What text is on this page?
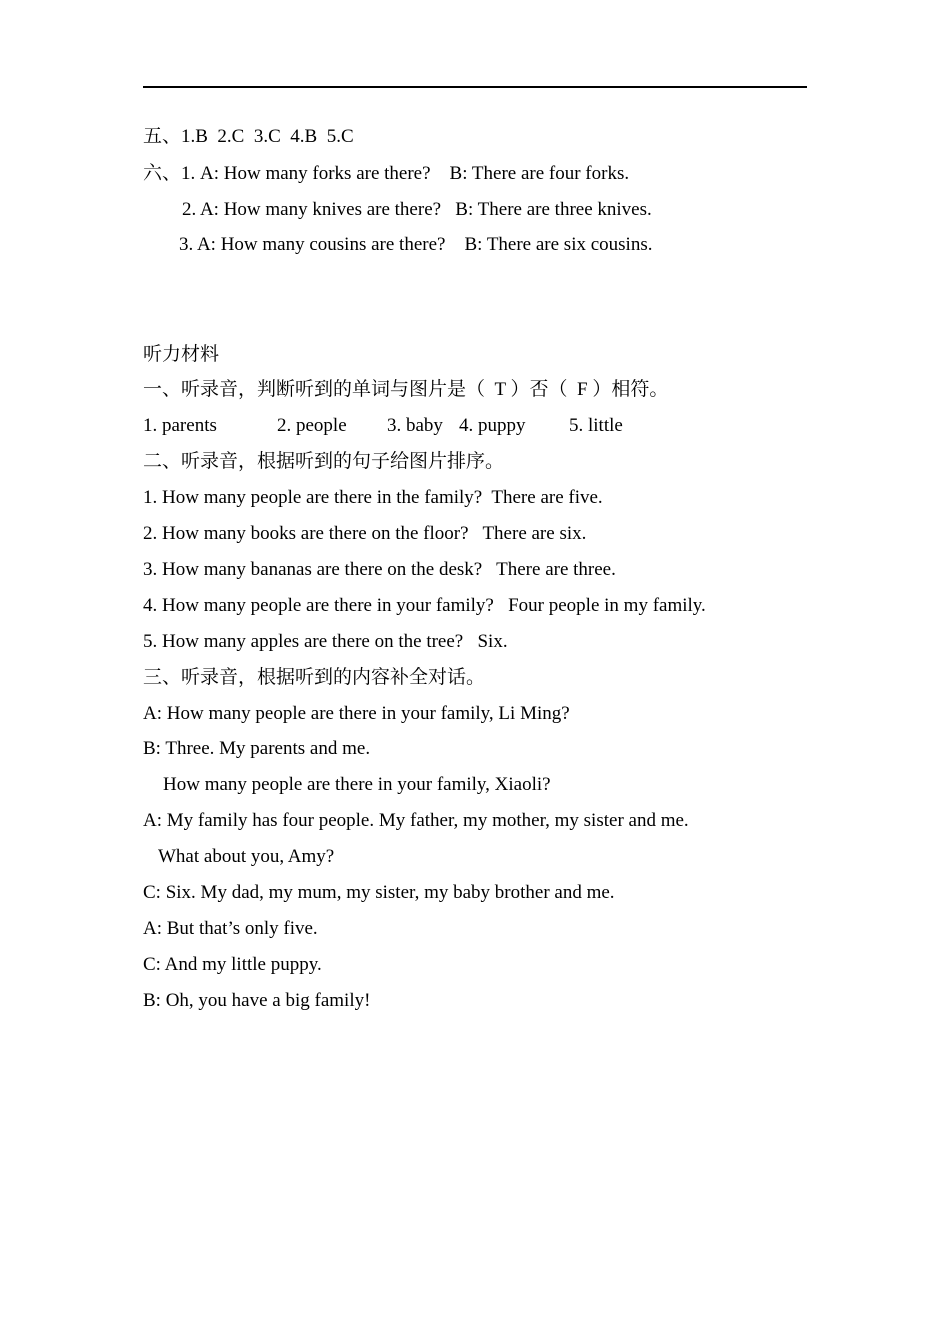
五、1.B  2.C  3.C  4.B  5.C
六、1. A: How many forks are there?    B: There are four forks.
2. A: How many knives are there?   B: There are three knives.
3. A: How many cousins are there?    B: There are six cousins.
听力材料
一、听录音，判断听到的单词与图片是（  T ）否（  F ）相符。
1. parents	2. people 3. baby 4. puppy 5. little
二、听录音，根据听到的句子给图片排序。
1. How many people are there in the family?  There are five.
2. How many books are there on the floor?   There are six.
3. How many bananas are there on the desk?   There are three.
4. How many people are there in your family?   Four people in my family.
5. How many apples are there on the tree?   Six.
三、听录音，根据听到的内容补全对话。
A: How many people are there in your family, Li Ming?
B: Three. My parents and me.
How many people are there in your family, Xiaoli?
A: My family has four people. My father, my mother, my sister and me.
What about you, Amy?
C: Six. My dad, my mum, my sister, my baby brother and me.
A: But that’s only five.
C: And my little puppy.
B: Oh, you have a big family!
